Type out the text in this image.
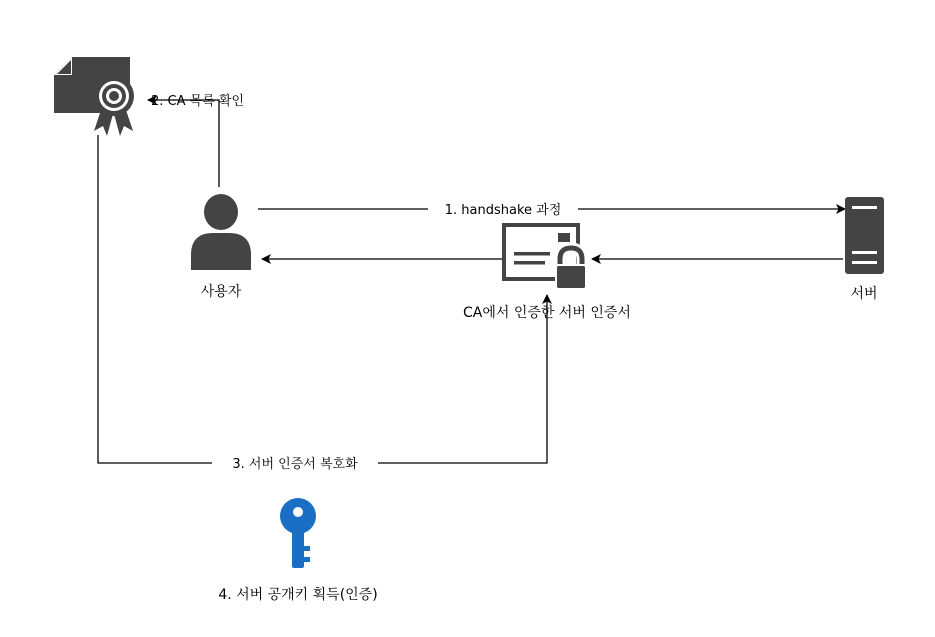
1. handshake 과정
2. CA 목록 확인
3. 서버 인증서 복호화
사용자	서버
CA에서 인증한 서버 인증서
4. 서버 공개키 획득(인증)
